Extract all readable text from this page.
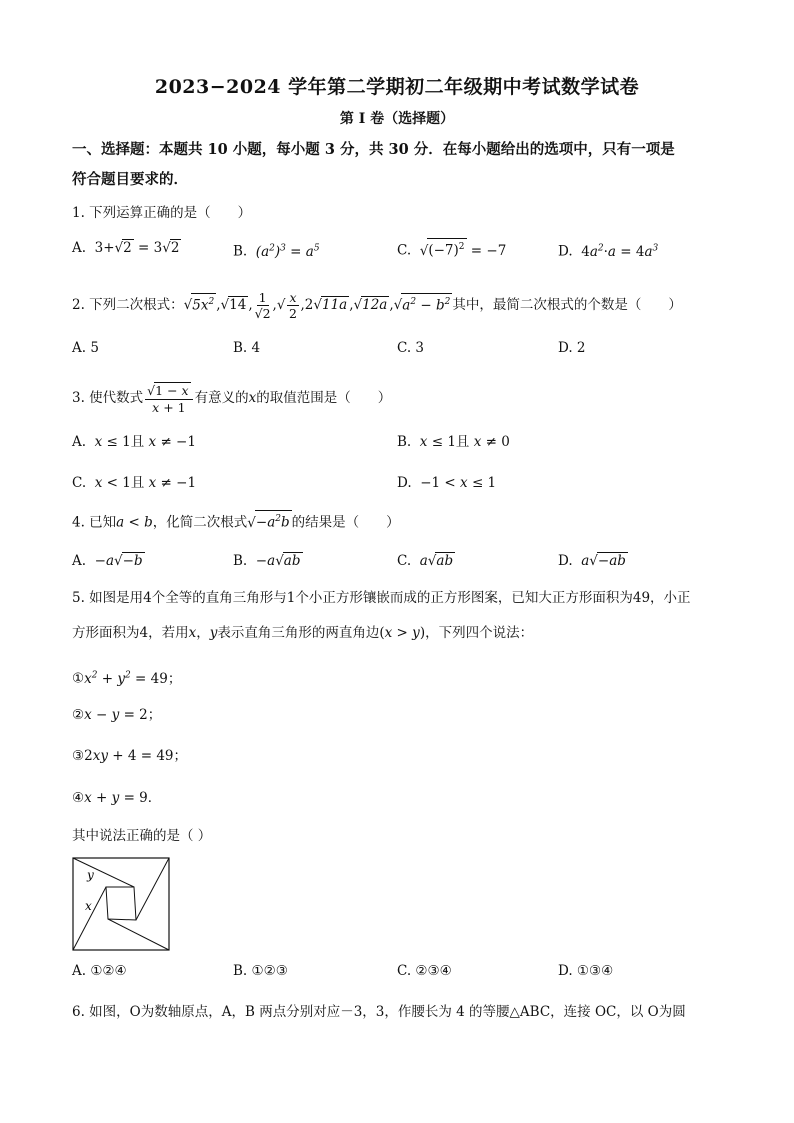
2023−2024 学年第二学期初二年级期中考试数学试卷
第 I 卷（选择题）
一、选择题：本题共 10 小题，每小题 3 分，共 30 分．在每小题给出的选项中，只有一项是
符合题目要求的．
1. 下列运算正确的是（　　）
A.  3+√2 = 3√2	B.  $(a^2)^3 = a^5$	C.  $√(-7)^2 = -7$	D.  $4a^2\cdot a = 4a^3$
2. 下列二次根式：$√5x^2$ ,√14 , $\frac{1}{√2}$ ,√ $\frac{x}{2} ,2√11a$ ,√12a $,√a^2 - b^2$ 其中，最简二次根式的个数是（　　）
A. 5	B. 4	C. 3	D. 2
3. 使代数式 $\frac{√1 - x}{x + 1}$ 有意义的x的取值范围是（　　）
A.  x ≤ 1且 x ≠ −1	B.  x ≤ 1且 x ≠ 0
C.  x < 1且 x ≠ −1	D.  −1 < x ≤ 1
4. 已知a < b，化简二次根式$√-a^2b$ 的结果是（　　）
A.  −a√−b	B.  −a√ab	C.  a√ab	D.  a√−ab
5. 如图是用4个全等的直角三角形与1个小正方形镶嵌而成的正方形图案，已知大正方形面积为49，小正
方形面积为4，若用x，y表示直角三角形的两直角边(x > y)，下列四个说法：
$①x^2 + y^2 = 49$；
②x − y = 2；
③2xy + 4 = 49；
④x + y = 9．
其中说法正确的是（ ）
y
x
A. ①②④	B. ①②③	C. ②③④	D. ①③④
6. 如图，O为数轴原点，A，B 两点分别对应－3，3，作腰长为 4 的等腰△ABC，连接 OC，以 O为圆
